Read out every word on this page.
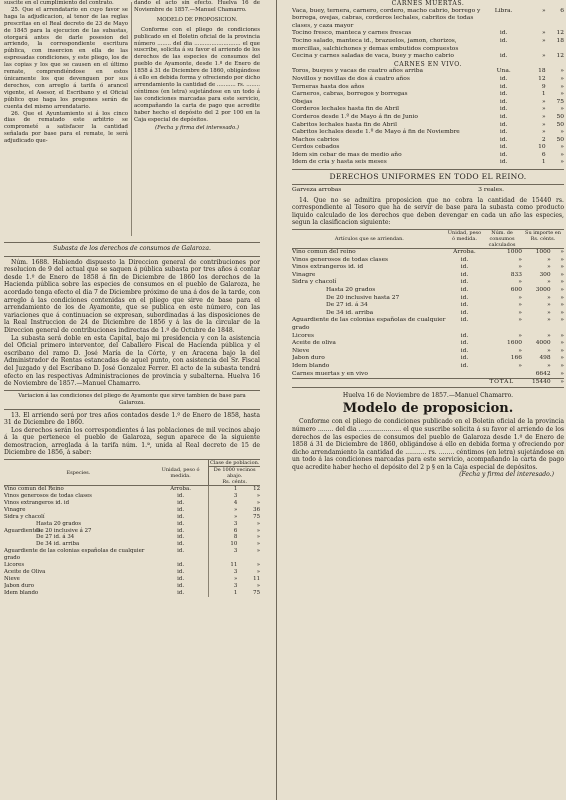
suscite en el cumplimiento del contrato.

25. Que el arrendatario en cuyo favor se haga la adjudicacion, al tenor de las reglas prescritas en el Real decreto de 23 de Mayo de 1845 para la ejecucion de las subastas, otorgará antes de darle posesion del arriendo, la correspondiente escritura pública, con insercion en ella de las espresadas condiciones, y este pliego, los de las copias y los que se causen en el último remate, comprendiéndose en estos únicamente los que devenguen por sus derechos, con arreglo á tarifa ó arancel vigente, el Asesor, el Escribano y el Oficial público que haga los pregones serán de cuenta del mismo arrendatario.

26. Que el Ayuntamiento si á los cinco dias de rematado este arbitrio se comprometé a satisfacer la cantidad señalada por base para el remate, le será adjudicado que-

dando el acto sin efecto. Huelva 16 de Noviembre de 1857.—Manuel Chamarro.

MODELO DE PROPOSICION.

Conforme con el pliego de condiciones publicado en el Boletin oficial de la provincia número ........ del dia ........................... el que suscribe, solicita á su favor el arriendo de los derechos de las especies de consumos del pueblo de Ayamonte, desde 1.º de Enero de 1858 á 31 de Diciembre de 1860, obligándose á ello en debida forma y ofreciendo por dicho arrendamiento la cantidad de ........... rs. ........ céntimos (en letra) sujetándose en un todo á las condiciones marcadas para este servicio, acompañando la carta de pago que acredite haber hecho el depósito del 2 por 100 en la Caja especial de depósitos.

(Fecha y firma del interesado.)

Subasta de los derechos de consumos de Galaroza.

Núm. 1688. Habiendo dispuesto la Direccion general de contribuciones por resolucion de 9 del actual que se saquen á pública subasta por tres años á contar desde 1.º de Enero de 1858 á fin de Diciembre de 1860 los derechos de la Hacienda pública sobre las especies de consumos en el pueblo de Galaroza, he acordado tenga efecto el dia 7 de Diciembre próximo de una á dos de la tarde, con arreglo á las condiciones contenidas en el pliego que sirve de base para el arrendamiento de los de Ayamonte, que se publica en este número, con las variaciones que á continuacion se expresan, subordinadas á las disposiciones de la Real Instruccion de 24 de Diciembre de 1856 y á las de la circular de la Direccion general de contribuciones indirectas de 1.º de Octubre de 1848.

La subasta será doble en esta Capital, bajo mi presidencia y con la asistencia del Oficial primero interventor, del Caballero Fiscal de Hacienda pública y el escribano del ramo D. José María de la Córte, y en Aracena bajo la del Administrador de Rentas estancadas de aquel punto, con asistencia del Sr. Fiscal del Juzgado y del Escribano D. José Gonzalez Ferrer. El acto de la subasta tendrá efecto en las respectivas Administraciones de provincia y subalterna. Huelva 16 de Noviembre de 1857.—Manuel Chamarro.

Variacion á las condiciones del pliego de Ayamonte que sirve tambien de base para Galaroza.

13. El arriendo será por tres años contados desde 1.º de Enero de 1858, hasta 31 de Diciembre de 1860.

Los derechos serán los correspondientes á las poblaciones de mil vecinos abajo á la que pertenece el pueblo de Galaroza, segun aparece de la siguiente demostracion, arreglada á la tarifa núm. 1.ª, unida al Real decreto de 15 de Diciembre de 1856, á saber:

Especies.	Unidad, peso ó medida.	Clase de poblacion.
De 1000 vecinos abajo.
Rs. cénts.	

Vino comun del Reino	Arroba.	1	12
Vinos generosos de todas clases	id.	3	»
Vinos extrangeros id. id	id.	4	»
Vinagre	id.	»	36
Sidra y chacolí	id.	»	75

Aguardientes.
Hasta 20 grados	id.	3	»
De 20 inclusive á 27	id.	6	»
De 27 id. á 34	id.	8	»
De 34 id. arriba	id.	10	»
Aguardiente de las colonias españolas de cualquier grado	id.	3	»
Licores	id.	11	»
Aceite de Oliva	id.	3	»
Nieve	id.	»	11
Jabon duro	id.	3	»
Idem blando	id.	1	75

CARNES MUERTAS.

Vaca, buey, ternera, carnero, cordero, macho cabrio, borrego y borrega, ovejas, cabras, corderos lechales, cabritos de todas clases, y caza mayor	Libra.	»	6
Tocino fresco, manteca y carnes frescas	id.	»	12
Tocino salado, manteca id., brazuelos, jamon, chorizos, morcillas, salchichones y demas embutidos compuestos	id.	»	18
Cecina y carnes saladas de vaca, buey y macho cabrio	id.	»	12

CARNES EN VIVO.

Toros, bueyes y vacas de cuatro años arriba	Una.	18	»
Novillos y novillas de dos á cuatro años	id.	12	»
Terneras hasta dos años	id.	9	»
Carneros, cabras, borregos y borregas	id.	1	»
Obejas	id.	»	75
Corderos lechales hasta fin de Abril	id.	»	»
Corderos desde 1.º de Mayo á fin de Junio	id.	»	50
Cabritos lechales hasta fin de Abril	id.	»	50
Cabritos lechales desde 1.º de Mayo á fin de Noviembre	id.	»	»
Machos cabrios	id.	2	50
Cerdos cebados	id.	10	»
Idem sin cebar de mas de medio año	id.	6	»
Idem de cria y hasta seis meses	id.	1	»

DERECHOS UNIFORMES EN TODO EL REINO.

Garveza arrobas	3 reales.

14. Que no se admitira proposicion que no cobra la cantidad de 15440 rs. correspondiente al Tesoro que ha de servir de base para la subasta como producto liquido calculado de los derechos que deben devengar en cada un año las especies, segun la clasificacion siguiente:

Artículos que se arriendan.	Unidad, peso ó medida.	Núm. de consumos calculados	Su importe en Rs. cénts.	
Vino comun del reino	Arroba.	1000	1000	»
Vinos generosos de todas clases	id.	»	»	»
Vinos extrangeros id. id	id.	»	»	»
Vinagre	id.	833	300	»
Sidra y chacolí	id.	»	»	»
Hasta 20 grados	id.	600	3000	»
De 20 inclusive hasta 27	id.	»	»	»
De 27 id. á 34	id.	»	»	»
De 34 id. arriba	id.	»	»	»
Aguardiente de las colonias españolas de cualquier grado	id.	»	»	»
Licores	id.	»	»	»
Aceite de oliva	id.	1600	4000	»
Nieve	id.	»	»	»
Jabon duro	id.	166	498	»
Idem blando	id.	»	»	»
Carnes muertas y en vivo			6642	»
TOTAL			15440	»

Huelva 16 de Noviembre de 1857.—Manuel Chamarro.

Modelo de proposicion.

Conforme con el pliego de condiciones publicado en el Boletin oficial de la provincia número ........ del dia ...................... el que suscribe solicita á su favor el arriendo de los derechos de las especies de consumos del pueblo de Galaroza desde 1.º de Enero de 1858 á 31 de Diciembre de 1860, obligándose á ello en debida forma y ofreciendo por dicho arrendamiento la cantidad de ........... rs. ........ céntimos (en letra) sujetándose en un todo á las condiciones marcadas para este servicio, acompañando la carta de pago que acredite haber hecho el depósito del 2 p § en la Caja especial de depósitos.

(Fecha y firma del interesado.)
